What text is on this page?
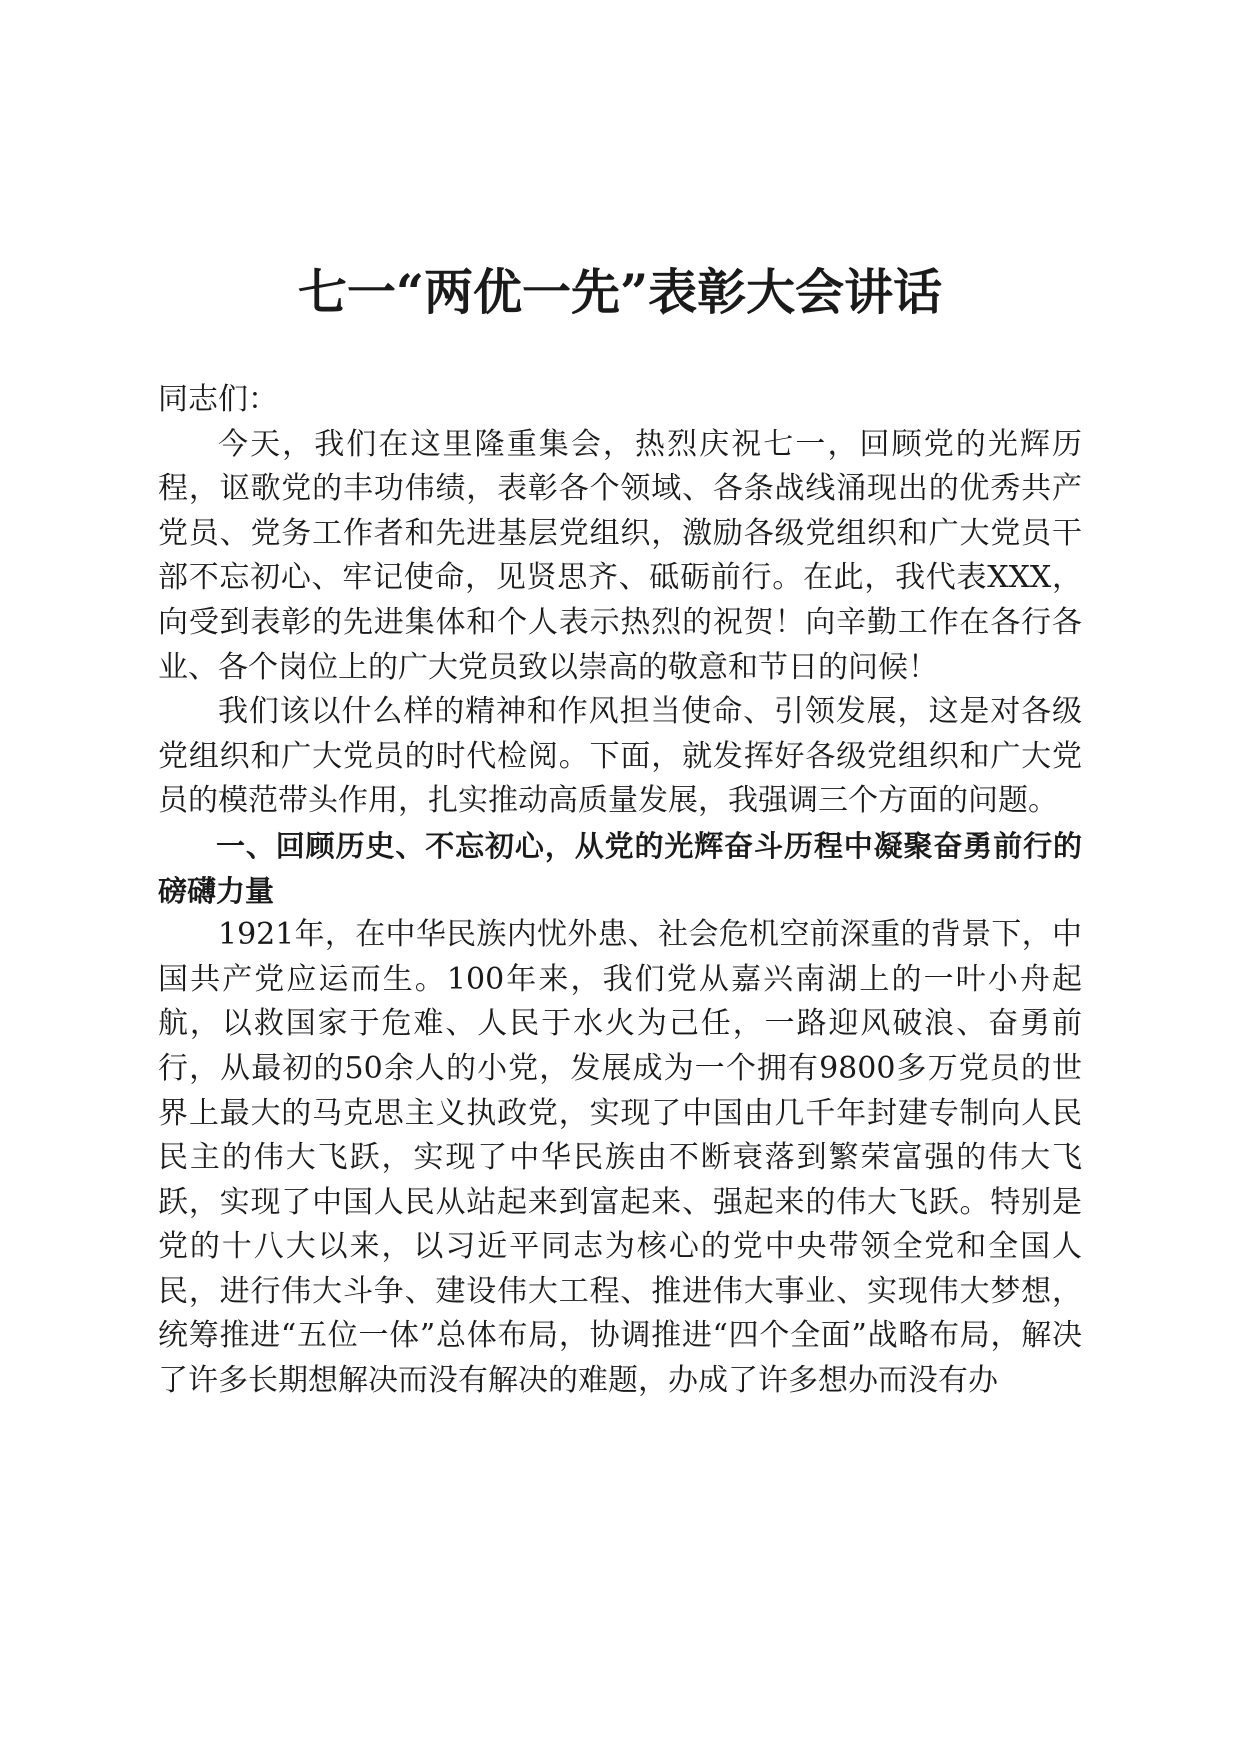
七一“两优一先”表彰大会讲话

同志们：

今天，我们在这里隆重集会，热烈庆祝七一，回顾党的光辉历程，讴歌党的丰功伟绩，表彰各个领域、各条战线涌现出的优秀共产党员、党务工作者和先进基层党组织，激励各级党组织和广大党员干部不忘初心、牢记使命，见贤思齐、砥砺前行。在此，我代表XXX，向受到表彰的先进集体和个人表示热烈的祝贺！向辛勤工作在各行各业、各个岗位上的广大党员致以崇高的敬意和节日的问候！

我们该以什么样的精神和作风担当使命、引领发展，这是对各级党组织和广大党员的时代检阅。下面，就发挥好各级党组织和广大党员的模范带头作用，扎实推动高质量发展，我强调三个方面的问题。

一、回顾历史、不忘初心，从党的光辉奋斗历程中凝聚奋勇前行的磅礴力量

1921年，在中华民族内忧外患、社会危机空前深重的背景下，中国共产党应运而生。100年来，我们党从嘉兴南湖上的一叶小舟起航，以救国家于危难、人民于水火为己任，一路迎风破浪、奋勇前行，从最初的50余人的小党，发展成为一个拥有9800多万党员的世界上最大的马克思主义执政党，实现了中国由几千年封建专制向人民民主的伟大飞跃，实现了中华民族由不断衰落到繁荣富强的伟大飞跃，实现了中国人民从站起来到富起来、强起来的伟大飞跃。特别是党的十八大以来，以习近平同志为核心的党中央带领全党和全国人民，进行伟大斗争、建设伟大工程、推进伟大事业、实现伟大梦想，统筹推进“五位一体”总体布局，协调推进“四个全面”战略布局，解决了许多长期想解决而没有解决的难题，办成了许多想办而没有办
